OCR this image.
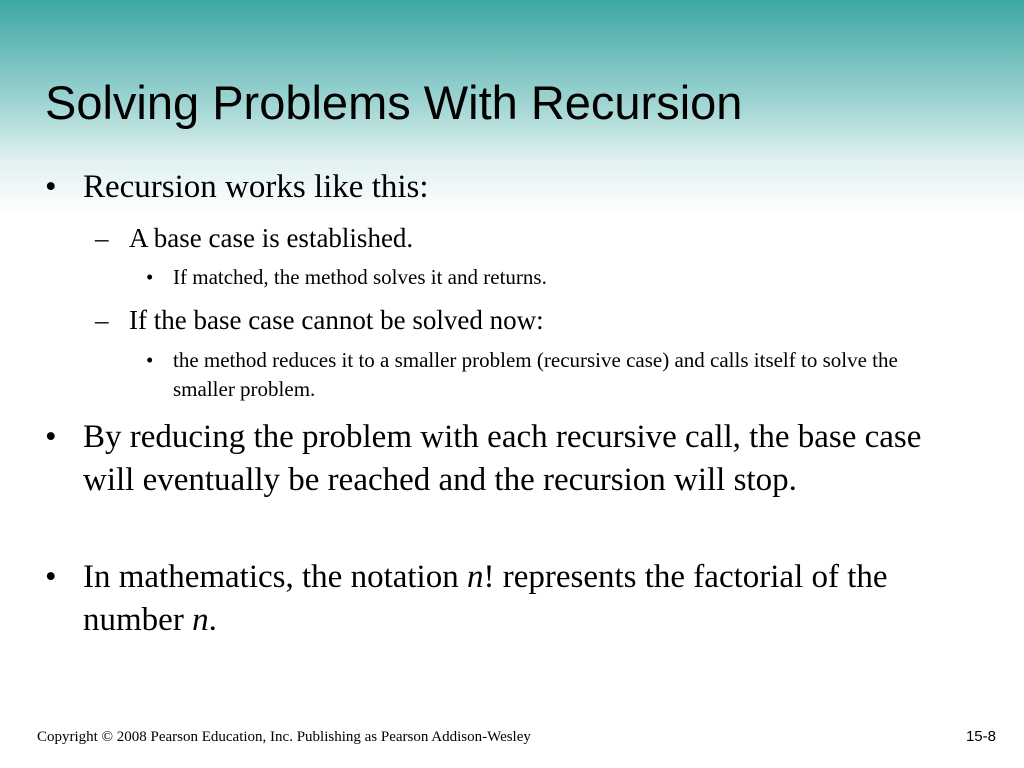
Solving Problems With Recursion
• Recursion works like this:
– A base case is established.
• If matched, the method solves it and returns.
– If the base case cannot be solved now:
• the method reduces it to a smaller problem (recursive case) and calls itself to solve the smaller problem.
• By reducing the problem with each recursive call, the base case will eventually be reached and the recursion will stop.
• In mathematics, the notation n! represents the factorial of the number n.
Copyright © 2008 Pearson Education, Inc. Publishing as Pearson Addison-Wesley	15-8
